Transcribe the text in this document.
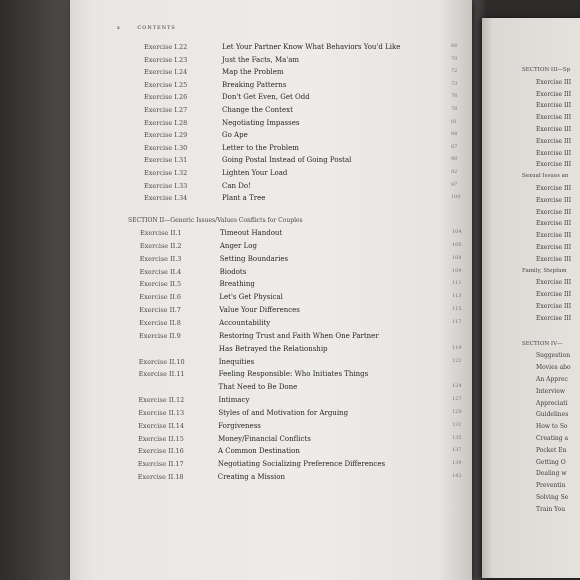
x	CONTENTS
Exercise I.22	Let Your Partner Know What Behaviors You'd Like	66
Exercise I.23	Just the Facts, Ma'am	70
Exercise I.24	Map the Problem	72
Exercise I.25	Breaking Patterns	73
Exercise I.26	Don't Get Even, Get Odd	76
Exercise I.27	Change the Context	78
Exercise I.28	Negotiating Impasses	81
Exercise I.29	Go Ape	84
Exercise I.30	Letter to the Problem	87
Exercise I.31	Going Postal Instead of Going Postal	90
Exercise I.32	Lighten Your Load	92
Exercise I.33	Can Do!	97
Exercise I.34	Plant a Tree	100
SECTION II—Generic Issues/Values Conflicts for Couples
Exercise II.1	Timeout Handout	104
Exercise II.2	Anger Log	106
Exercise II.3	Setting Boundaries	108
Exercise II.4	Biodots	109
Exercise II.5	Breathing	111
Exercise II.6	Let's Get Physical	113
Exercise II.7	Value Your Differences	115
Exercise II.8	Accountability	117
Exercise II.9	Restoring Trust and Faith When One Partner
Has Betrayed the Relationship	119
Exercise II.10	Inequities	121
Exercise II.11	Feeling Responsible: Who Initiates Things
That Need to Be Done	124
Exercise II.12	Intimacy	127
Exercise II.13	Styles of and Motivation for Arguing	129
Exercise II.14	Forgiveness	131
Exercise II.15	Money/Financial Conflicts	135
Exercise II.16	A Common Destination	137
Exercise II.17	Negotiating Socializing Preference Differences	139
Exercise II.18	Creating a Mission	142
SECTION III—Sp
Exercise III
Exercise III
Exercise III
Exercise III
Exercise III
Exercise III
Exercise III
Exercise III
Sexual Issues an
Exercise III
Exercise III
Exercise III
Exercise III
Exercise III
Exercise III
Exercise III
Family, Stepfam
Exercise III
Exercise III
Exercise III
Exercise III
SECTION IV—
Suggestion
Movies abo
An Apprec
Interview
Appreciati
Guidelines
How to So
Creating a
Pocket En
Getting O
Dealing w
Preventin
Solving Se
Train You
